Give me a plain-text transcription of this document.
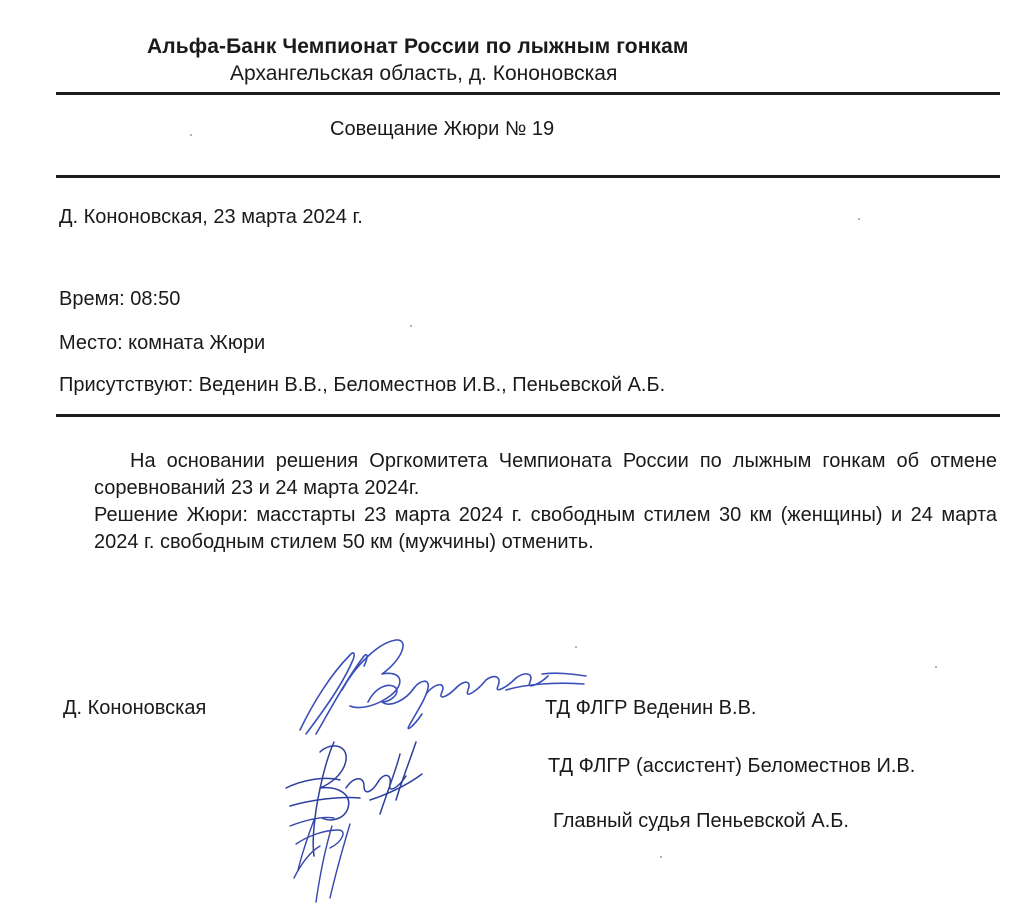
Альфа-Банк Чемпионат России по лыжным гонкам
Архангельская область, д. Кононовская
Совещание Жюри № 19
Д. Кононовская, 23 марта 2024 г.
Время: 08:50
Место: комната Жюри
Присутствуют: Веденин В.В., Беломестнов И.В., Пеньевской А.Б.

На основании решения Оргкомитета Чемпионата России по лыжным гонкам об отмене соревнований 23 и 24 марта 2024г.

Решение Жюри: масстарты 23 марта 2024 г. свободным стилем 30 км (женщины) и 24 марта 2024 г. свободным стилем 50 км (мужчины) отменить.

Д. Кононовская	ТД ФЛГР Веденин В.В.
ТД ФЛГР (ассистент) Беломестнов И.В.
Главный судья Пеньевской А.Б.
